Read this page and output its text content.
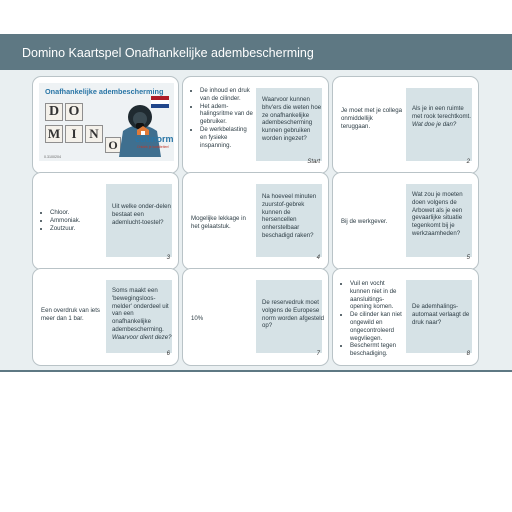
Domino Kaartspel Onafhankelijke adembescherming
Onafhankelijke adembescherming
D O
M I N
O	edunorm
Ontdek je kwaliteiten!
0.3100204
• De inhoud en druk van de cilinder.
• Het adem-halingsritme van de gebruiker.
• De werkbelasting en fysieke inspanning.
Waarvoor kunnen bhv'ers die weten hoe ze onafhankelijke adembescherming kunnen gebruiken worden ingezet?
Start
Je moet met je collega onmiddellijk teruggaan.
Als je in een ruimte met rook terechtkomt. Wat doe je dan?
2
• Chloor.
• Ammoniak.
• Zoutzuur.
Uit welke onder-delen bestaat een ademlucht-toestel?
3
Mogelijke lekkage in het gelaatstuk.
Na hoeveel minuten zuurstof-gebrek kunnen de hersencellen onherstelbaar beschadigd raken?
4
Bij de werkgever.
Wat zou je moeten doen volgens de Arbowet als je een gevaarlijke situatie tegenkomt bij je werkzaamheden?
5
Een overdruk van iets meer dan 1 bar.
Soms maakt een 'bewegingsloos-melder' onderdeel uit van een onafhankelijke adembescherming. Waarvoor dient deze?
6
10%
De reservedruk moet volgens de Europese norm worden afgesteld op?
7
• Vuil en vocht kunnen niet in de aansluitings-opening komen.
• De cilinder kan niet ongewild en ongecontroleerd wegvliegen.
• Beschermt tegen beschadiging.
De ademhalings-automaat verlaagt de druk naar?
8
